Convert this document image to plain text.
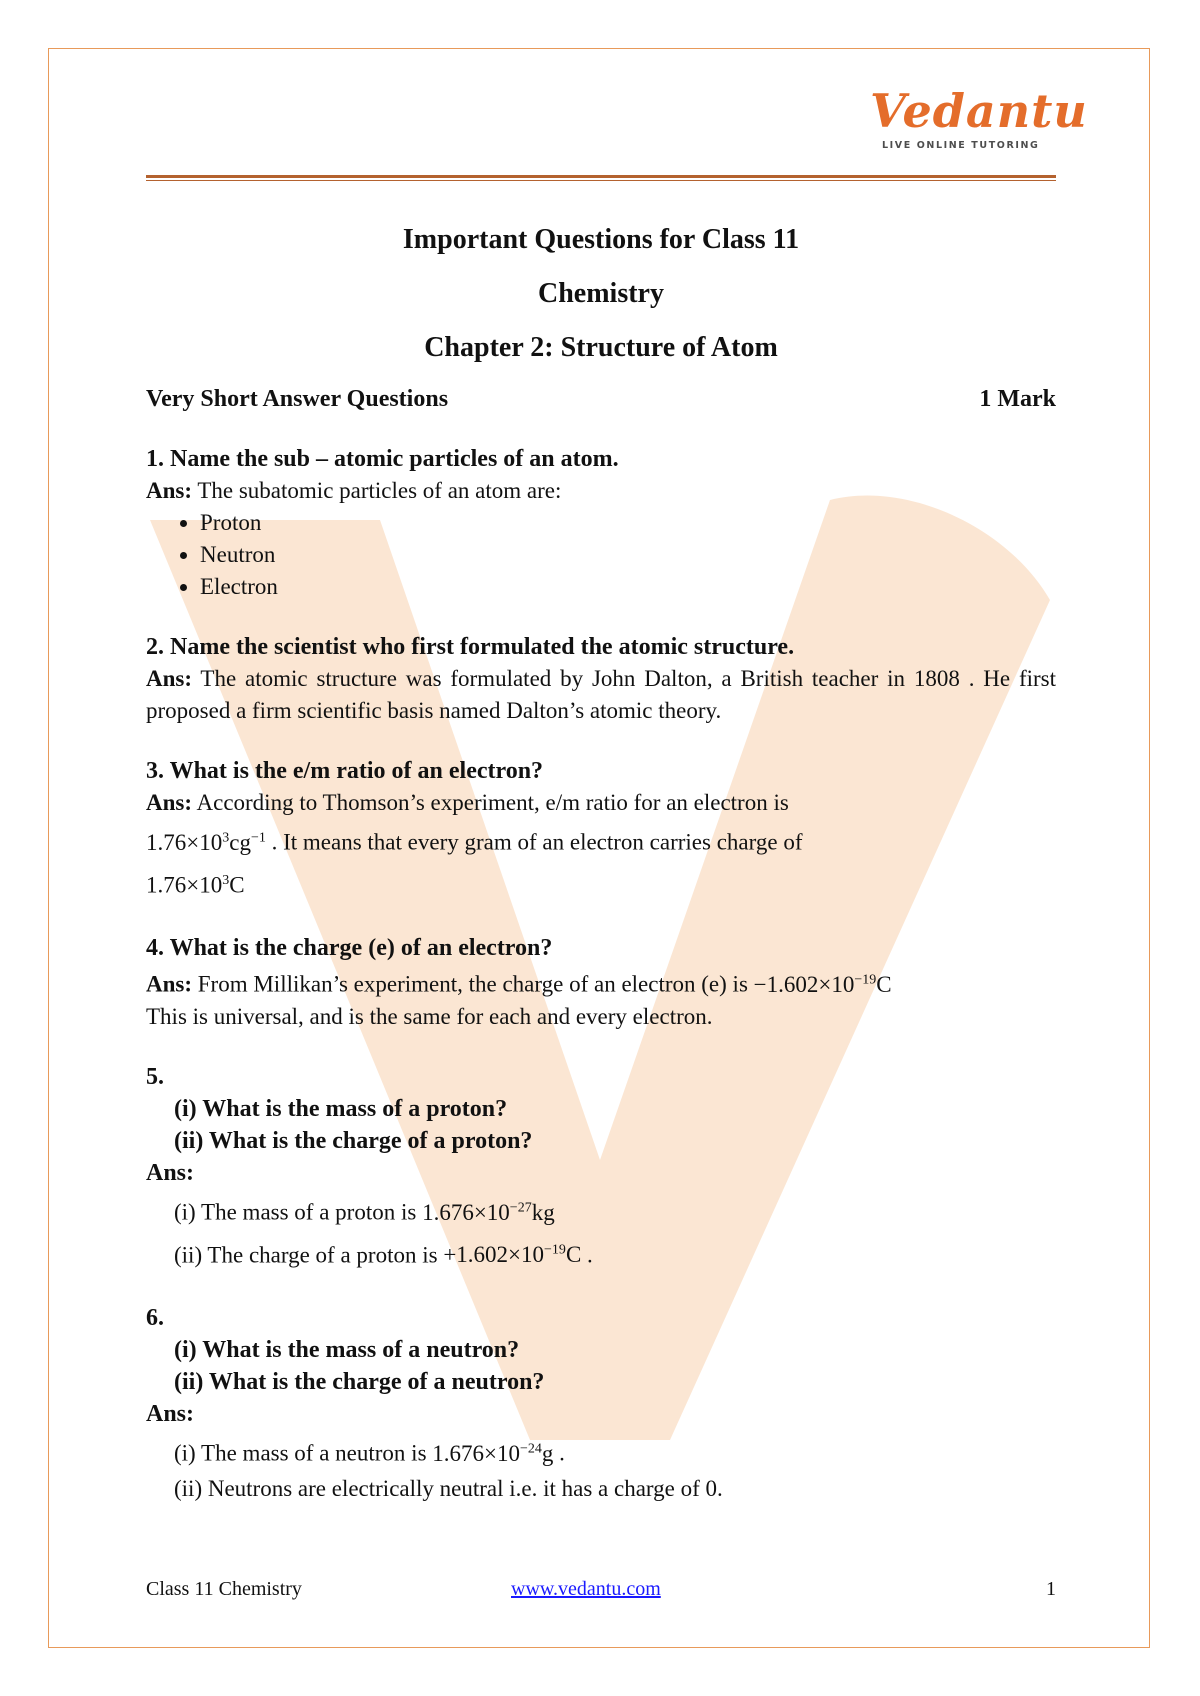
Vedantu
LIVE ONLINE TUTORING
Important Questions for Class 11
Chemistry
Chapter 2: Structure of Atom
Very Short Answer Questions	1 Mark
1. Name the sub – atomic particles of an atom.
Ans: The subatomic particles of an atom are:
• Proton
• Neutron
• Electron
2. Name the scientist who first formulated the atomic structure.
Ans: The atomic structure was formulated by John Dalton, a British teacher in 1808 . He first proposed a firm scientific basis named Dalton’s atomic theory.
3. What is the e/m ratio of an electron?
Ans: According to Thomson’s experiment, e/m ratio for an electron is
$1.76\times 10^3cg^{-1}$ . It means that every gram of an electron carries charge of
$1.76\times 10^3C$
4. What is the charge (e) of an electron?
Ans: From Millikan’s experiment, the charge of an electron (e) is $-1.602\times 10^{-19}C$
This is universal, and is the same for each and every electron.
5.
(i) What is the mass of a proton?
(ii) What is the charge of a proton?
Ans:
(i) The mass of a proton is $1.676\times 10^{-27}kg$
(ii) The charge of a proton is $+1.602\times 10^{-19}C$ .
6.
(i) What is the mass of a neutron?
(ii) What is the charge of a neutron?
Ans:
(i) The mass of a neutron is $1.676\times 10^{-24}g$ .
(ii) Neutrons are electrically neutral i.e. it has a charge of 0.
Class 11 Chemistry	www.vedantu.com	1
